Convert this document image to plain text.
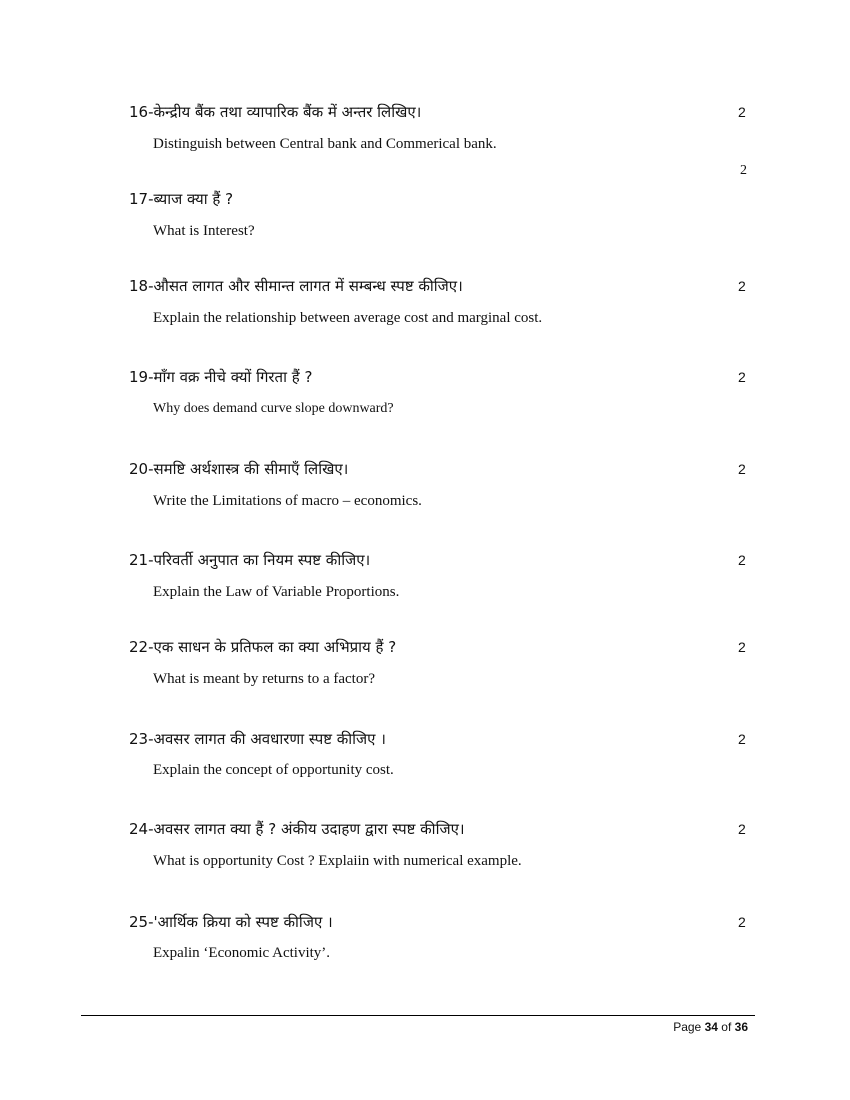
16-केन्द्रीय बैंक तथा व्यापारिक बैंक में अन्तर लिखिए।	2
Distinguish between Central bank and Commerical bank.
2
17-ब्याज क्या हैं ?
What is Interest?
18-औसत लागत और सीमान्त लागत में सम्बन्ध स्पष्ट कीजिए।	2
Explain the relationship between average cost and marginal cost.
19-माँग वक्र नीचे क्यों गिरता हैं ?	2
Why does demand curve slope downward?
20-समष्टि अर्थशास्त्र की सीमाएँ लिखिए।	2
Write the Limitations of macro – economics.
21-परिवर्ती अनुपात का नियम स्पष्ट कीजिए।	2
Explain the Law of Variable Proportions.
22-एक साधन के प्रतिफल का क्या अभिप्राय हैं ?	2
What is meant by returns to a factor?
23-अवसर लागत की अवधारणा स्पष्ट कीजिए ।	2
Explain the concept of opportunity cost.
24-अवसर लागत क्या हैं ? अंकीय उदाहण द्वारा स्पष्ट कीजिए।	2
What is opportunity Cost ? Explaiin with numerical example.
25-'आर्थिक क्रिया को स्पष्ट कीजिए ।	2
Expalin ‘Economic Activity’.
Page 34 of 36
